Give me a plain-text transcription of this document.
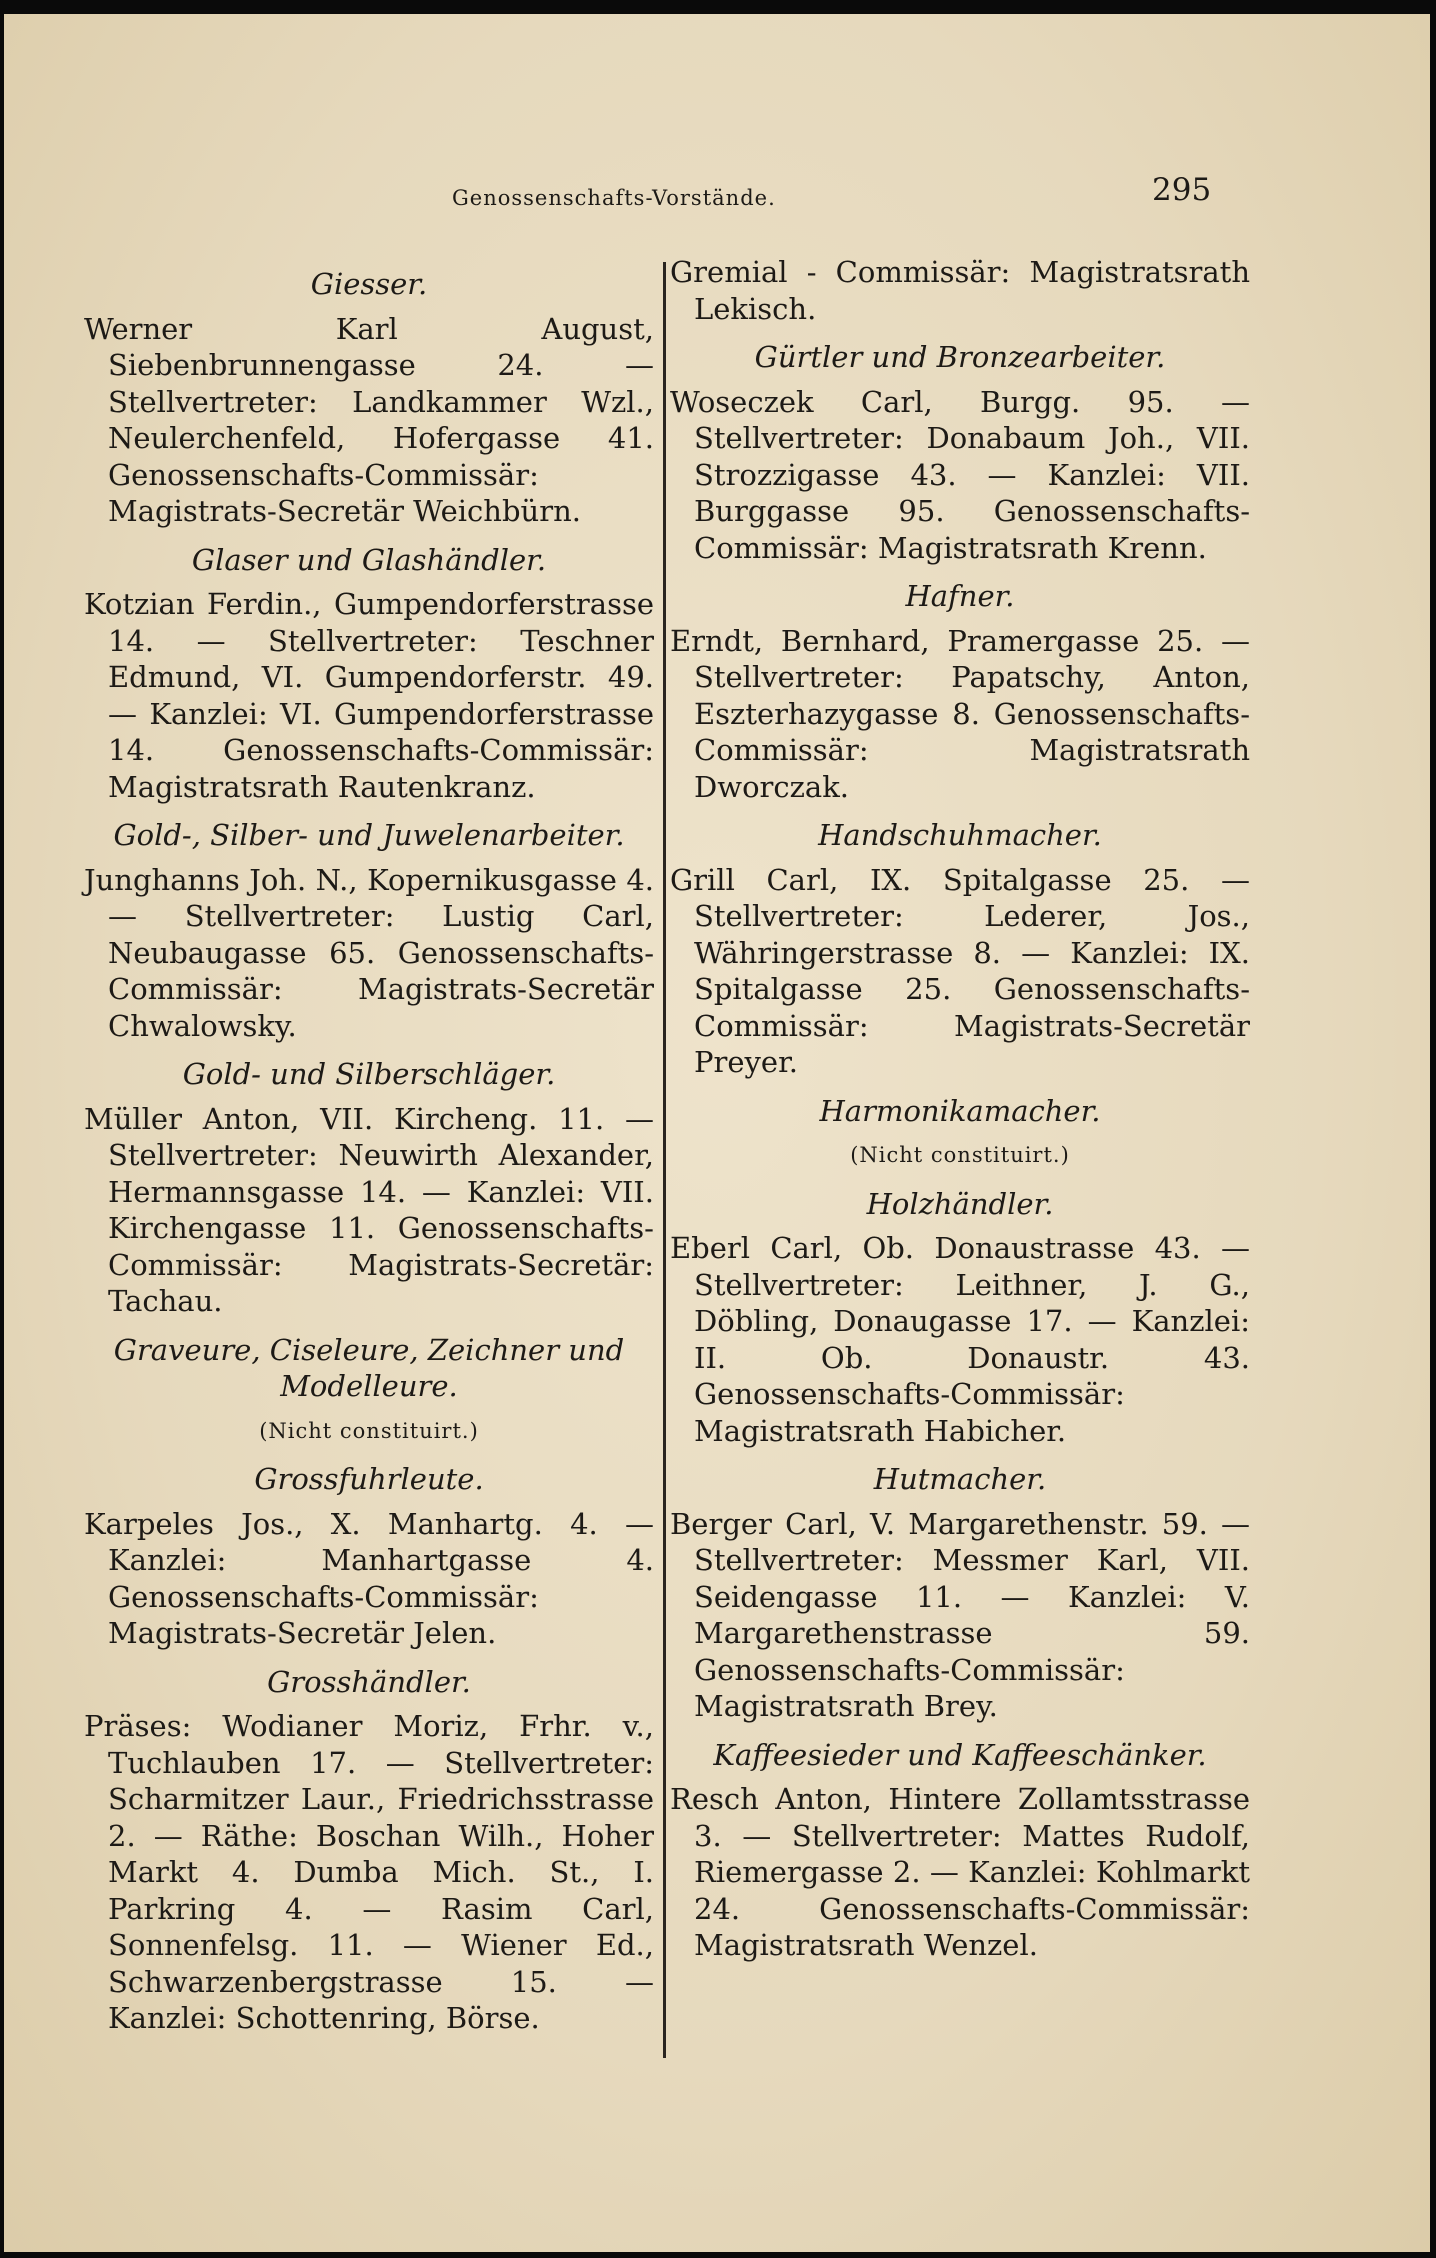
Genossenschafts-Vorstände.	295
Giesser.

Werner Karl August, Siebenbrunnengasse 24. — Stellvertreter: Landkammer Wzl., Neulerchenfeld, Hofergasse 41. Genossenschafts-Commissär: Magistrats-Secretär Weichbürn.

Glaser und Glashändler.

Kotzian Ferdin., Gumpendorferstrasse 14. — Stellvertreter: Teschner Edmund, VI. Gumpendorferstr. 49. — Kanzlei: VI. Gumpendorferstrasse 14. Genossenschafts-Commissär: Magistratsrath Rautenkranz.

Gold-, Silber- und Juwelenarbeiter.

Junghanns Joh. N., Kopernikusgasse 4. — Stellvertreter: Lustig Carl, Neubaugasse 65. Genossenschafts-Commissär: Magistrats-Secretär Chwalowsky.

Gold- und Silberschläger.

Müller Anton, VII. Kircheng. 11. — Stellvertreter: Neuwirth Alexander, Hermannsgasse 14. — Kanzlei: VII. Kirchengasse 11. Genossenschafts-Commissär: Magistrats-Secretär: Tachau.

Graveure, Ciseleure, Zeichner und Modelleure.
(Nicht constituirt.)
Grossfuhrleute.

Karpeles Jos., X. Manhartg. 4. — Kanzlei: Manhartgasse 4. Genossenschafts-Commissär: Magistrats-Secretär Jelen.

Grosshändler.

Präses: Wodianer Moriz, Frhr. v., Tuchlauben 17. — Stellvertreter: Scharmitzer Laur., Friedrichsstrasse 2. — Räthe: Boschan Wilh., Hoher Markt 4. Dumba Mich. St., I. Parkring 4. — Rasim Carl, Sonnenfelsg. 11. — Wiener Ed., Schwarzenbergstrasse 15. — Kanzlei: Schottenring, Börse.

Gremial - Commissär: Magistratsrath Lekisch.

Gürtler und Bronzearbeiter.

Woseczek Carl, Burgg. 95. — Stellvertreter: Donabaum Joh., VII. Strozzigasse 43. — Kanzlei: VII. Burggasse 95. Genossenschafts-Commissär: Magistratsrath Krenn.

Hafner.

Erndt, Bernhard, Pramergasse 25. — Stellvertreter: Papatschy, Anton, Eszterhazygasse 8. Genossenschafts-Commissär: Magistratsrath Dworczak.

Handschuhmacher.

Grill Carl, IX. Spitalgasse 25. — Stellvertreter: Lederer, Jos., Währingerstrasse 8. — Kanzlei: IX. Spitalgasse 25. Genossenschafts-Commissär: Magistrats-Secretär Preyer.

Harmonikamacher.
(Nicht constituirt.)
Holzhändler.

Eberl Carl, Ob. Donaustrasse 43. — Stellvertreter: Leithner, J. G., Döbling, Donaugasse 17. — Kanzlei: II. Ob. Donaustr. 43. Genossenschafts-Commissär: Magistratsrath Habicher.

Hutmacher.

Berger Carl, V. Margarethenstr. 59. — Stellvertreter: Messmer Karl, VII. Seidengasse 11. — Kanzlei: V. Margarethenstrasse 59. Genossenschafts-Commissär: Magistratsrath Brey.

Kaffeesieder und Kaffeeschänker.

Resch Anton, Hintere Zollamtsstrasse 3. — Stellvertreter: Mattes Rudolf, Riemergasse 2. — Kanzlei: Kohlmarkt 24. Genossenschafts-Commissär: Magistratsrath Wenzel.
